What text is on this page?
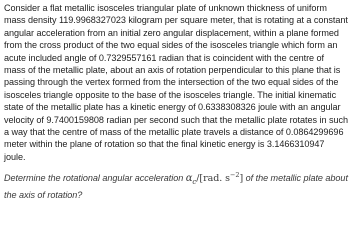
Consider a flat metallic isosceles triangular plate of unknown thickness of uniform mass density 119.9968327023 kilogram per square meter, that is rotating at a constant angular acceleration from an initial zero angular displacement, within a plane formed from the cross product of the two equal sides of the isosceles triangle which form an acute included angle of 0.7329557161 radian that is coincident with the centre of mass of the metallic plate, about an axis of rotation perpendicular to this plane that is passing through the vertex formed from the intersection of the two equal sides of the isosceles triangle opposite to the base of the isosceles triangle. The initial kinematic state of the metallic plate has a kinetic energy of 0.6338308326 joule with an angular velocity of 9.7400159808 radian per second such that the metallic plate rotates in such a way that the centre of mass of the metallic plate travels a distance of 0.0864299696 meter within the plane of rotation so that the final kinetic energy is 3.1466310947 joule.

Determine the rotational angular acceleration $\alpha_c/[rad$. $s^{-2}$] of the metallic plate about the axis of rotation?
